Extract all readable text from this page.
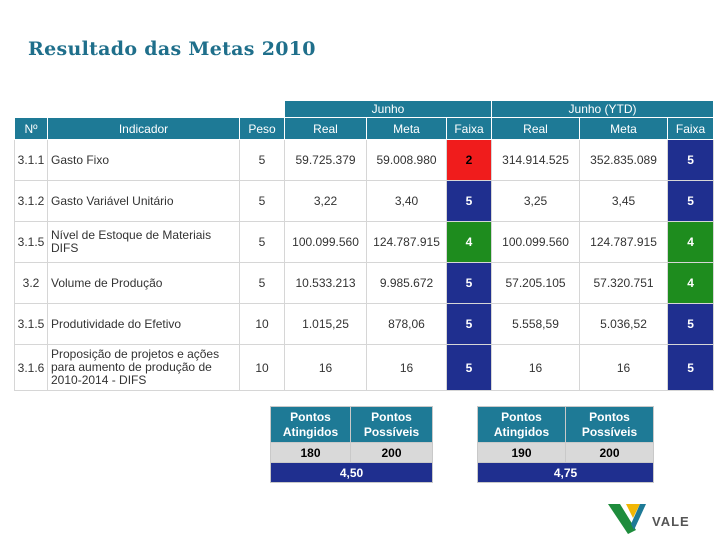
Resultado das Metas 2010
			Junho			Junho (YTD)		
Nº	Indicador	Peso	Real	Meta	Faixa	Real	Meta	Faixa
3.1.1	Gasto Fixo	5	59.725.379	59.008.980	2	314.914.525	352.835.089	5
3.1.2	Gasto Variável Unitário	5	3,22	3,40	5	3,25	3,45	5
3.1.5	Nível de Estoque de Materiais DIFS	5	100.099.560	124.787.915	4	100.099.560	124.787.915	4
3.2	Volume de Produção	5	10.533.213	9.985.672	5	57.205.105	57.320.751	4
3.1.5	Produtividade do Efetivo	10	1.015,25	878,06	5	5.558,59	5.036,52	5
3.1.6	Proposição de projetos e ações para aumento de produção de 2010-2014 - DIFS	10	16	16	5	16	16	5
Pontos Atingidos	Pontos Possíveis
180	200
4,50	
Pontos Atingidos	Pontos Possíveis
190	200
4,75	
VALE
